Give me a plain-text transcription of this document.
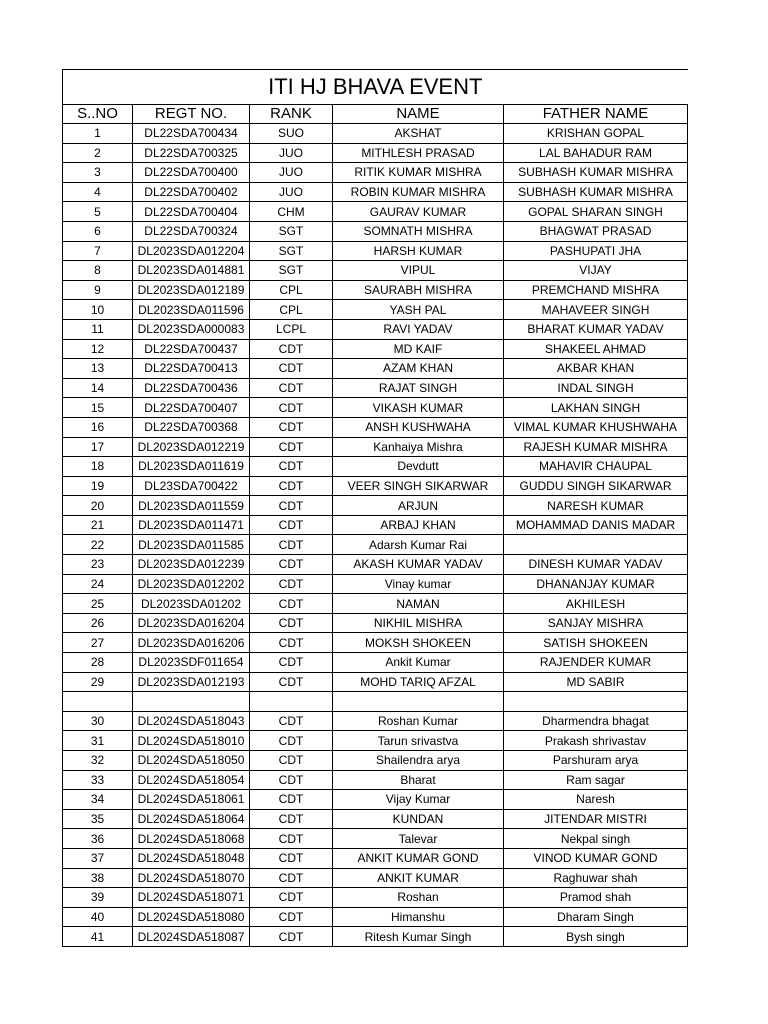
ITI HJ BHAVA EVENT				
S..NO	REGT NO.	RANK	NAME	FATHER NAME
1	DL22SDA700434	SUO	AKSHAT	KRISHAN GOPAL
2	DL22SDA700325	JUO	MITHLESH PRASAD	LAL BAHADUR RAM
3	DL22SDA700400	JUO	RITIK KUMAR MISHRA	SUBHASH KUMAR MISHRA
4	DL22SDA700402	JUO	ROBIN KUMAR MISHRA	SUBHASH KUMAR MISHRA
5	DL22SDA700404	CHM	GAURAV KUMAR	GOPAL SHARAN SINGH
6	DL22SDA700324	SGT	SOMNATH MISHRA	BHAGWAT PRASAD
7	DL2023SDA012204	SGT	HARSH KUMAR	PASHUPATI JHA
8	DL2023SDA014881	SGT	VIPUL	VIJAY
9	DL2023SDA012189	CPL	SAURABH MISHRA	PREMCHAND MISHRA
10	DL2023SDA011596	CPL	YASH PAL	MAHAVEER SINGH
11	DL2023SDA000083	LCPL	RAVI YADAV	BHARAT KUMAR YADAV
12	DL22SDA700437	CDT	MD KAIF	SHAKEEL AHMAD
13	DL22SDA700413	CDT	AZAM KHAN	AKBAR KHAN
14	DL22SDA700436	CDT	RAJAT SINGH	INDAL SINGH
15	DL22SDA700407	CDT	VIKASH KUMAR	LAKHAN SINGH
16	DL22SDA700368	CDT	ANSH KUSHWAHA	VIMAL KUMAR KHUSHWAHA
17	DL2023SDA012219	CDT	Kanhaiya Mishra	RAJESH KUMAR MISHRA
18	DL2023SDA011619	CDT	Devdutt	MAHAVIR CHAUPAL
19	DL23SDA700422	CDT	VEER SINGH SIKARWAR	GUDDU SINGH SIKARWAR
20	DL2023SDA011559	CDT	ARJUN	NARESH KUMAR
21	DL2023SDA011471	CDT	ARBAJ KHAN	MOHAMMAD DANIS MADAR
22	DL2023SDA011585	CDT	Adarsh Kumar Rai	
23	DL2023SDA012239	CDT	AKASH KUMAR YADAV	DINESH KUMAR YADAV
24	DL2023SDA012202	CDT	Vinay kumar	DHANANJAY KUMAR
25	DL2023SDA01202	CDT	NAMAN	AKHILESH
26	DL2023SDA016204	CDT	NIKHIL MISHRA	SANJAY MISHRA
27	DL2023SDA016206	CDT	MOKSH SHOKEEN	SATISH SHOKEEN
28	DL2023SDF011654	CDT	Ankit Kumar	RAJENDER KUMAR
29	DL2023SDA012193	CDT	MOHD TARIQ AFZAL	MD SABIR

30	DL2024SDA518043	CDT	Roshan Kumar	Dharmendra bhagat
31	DL2024SDA518010	CDT	Tarun srivastva	Prakash shrivastav
32	DL2024SDA518050	CDT	Shailendra arya	Parshuram arya
33	DL2024SDA518054	CDT	Bharat	Ram sagar
34	DL2024SDA518061	CDT	Vijay Kumar	Naresh
35	DL2024SDA518064	CDT	KUNDAN	JITENDAR MISTRI
36	DL2024SDA518068	CDT	Talevar	Nekpal singh
37	DL2024SDA518048	CDT	ANKIT KUMAR GOND	VINOD KUMAR GOND
38	DL2024SDA518070	CDT	ANKIT KUMAR	Raghuwar shah
39	DL2024SDA518071	CDT	Roshan	Pramod shah
40	DL2024SDA518080	CDT	Himanshu	Dharam Singh
41	DL2024SDA518087	CDT	Ritesh Kumar Singh	Bysh singh
